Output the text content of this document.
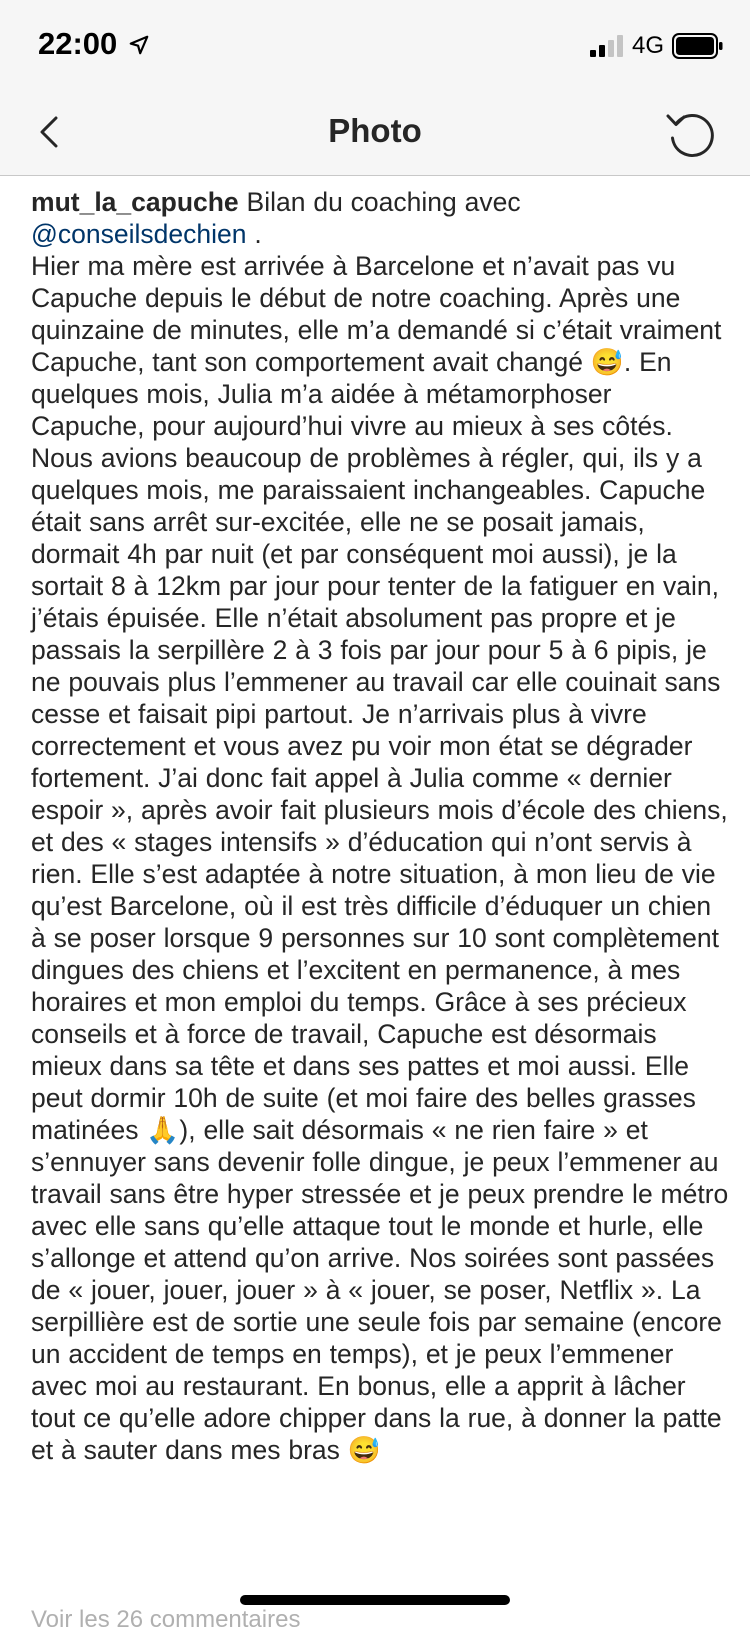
22:00	4G
Photo
mut_la_capuche Bilan du coaching avec
@conseilsdechien .
Hier ma mère est arrivée à Barcelone et n’avait pas vu Capuche depuis le début de notre coaching. Après une quinzaine de minutes, elle m’a demandé si c’était vraiment Capuche, tant son comportement avait changé 😅. En quelques mois, Julia m’a aidée à métamorphoser Capuche, pour aujourd’hui vivre au mieux à ses côtés. Nous avions beaucoup de problèmes à régler, qui, ils y a quelques mois, me paraissaient inchangeables. Capuche était sans arrêt sur-excitée, elle ne se posait jamais, dormait 4h par nuit (et par conséquent moi aussi), je la sortait 8 à 12km par jour pour tenter de la fatiguer en vain, j’étais épuisée. Elle n’était absolument pas propre et je passais la serpillère 2 à 3 fois par jour pour 5 à 6 pipis, je ne pouvais plus l’emmener au travail car elle couinait sans cesse et faisait pipi partout. Je n’arrivais plus à vivre correctement et vous avez pu voir mon état se dégrader fortement. J’ai donc fait appel à Julia comme « dernier espoir », après avoir fait plusieurs mois d’école des chiens, et des « stages intensifs » d’éducation qui n’ont servis à rien. Elle s’est adaptée à notre situation, à mon lieu de vie qu’est Barcelone, où il est très difficile d’éduquer un chien à se poser lorsque 9 personnes sur 10 sont complètement dingues des chiens et l’excitent en permanence, à mes horaires et mon emploi du temps. Grâce à ses précieux conseils et à force de travail, Capuche est désormais mieux dans sa tête et dans ses pattes et moi aussi. Elle peut dormir 10h de suite (et moi faire des belles grasses matinées 🙏), elle sait désormais « ne rien faire » et s’ennuyer sans devenir folle dingue, je peux l’emmener au travail sans être hyper stressée et je peux prendre le métro avec elle sans qu’elle attaque tout le monde et hurle, elle s’allonge et attend qu’on arrive. Nos soirées sont passées de « jouer, jouer, jouer » à « jouer, se poser, Netflix ». La serpillière est de sortie une seule fois par semaine (encore un accident de temps en temps), et je peux l’emmener avec moi au restaurant. En bonus, elle a apprit à lâcher tout ce qu’elle adore chipper dans la rue, à donner la patte et à sauter dans mes bras 😅
Voir les 26 commentaires
